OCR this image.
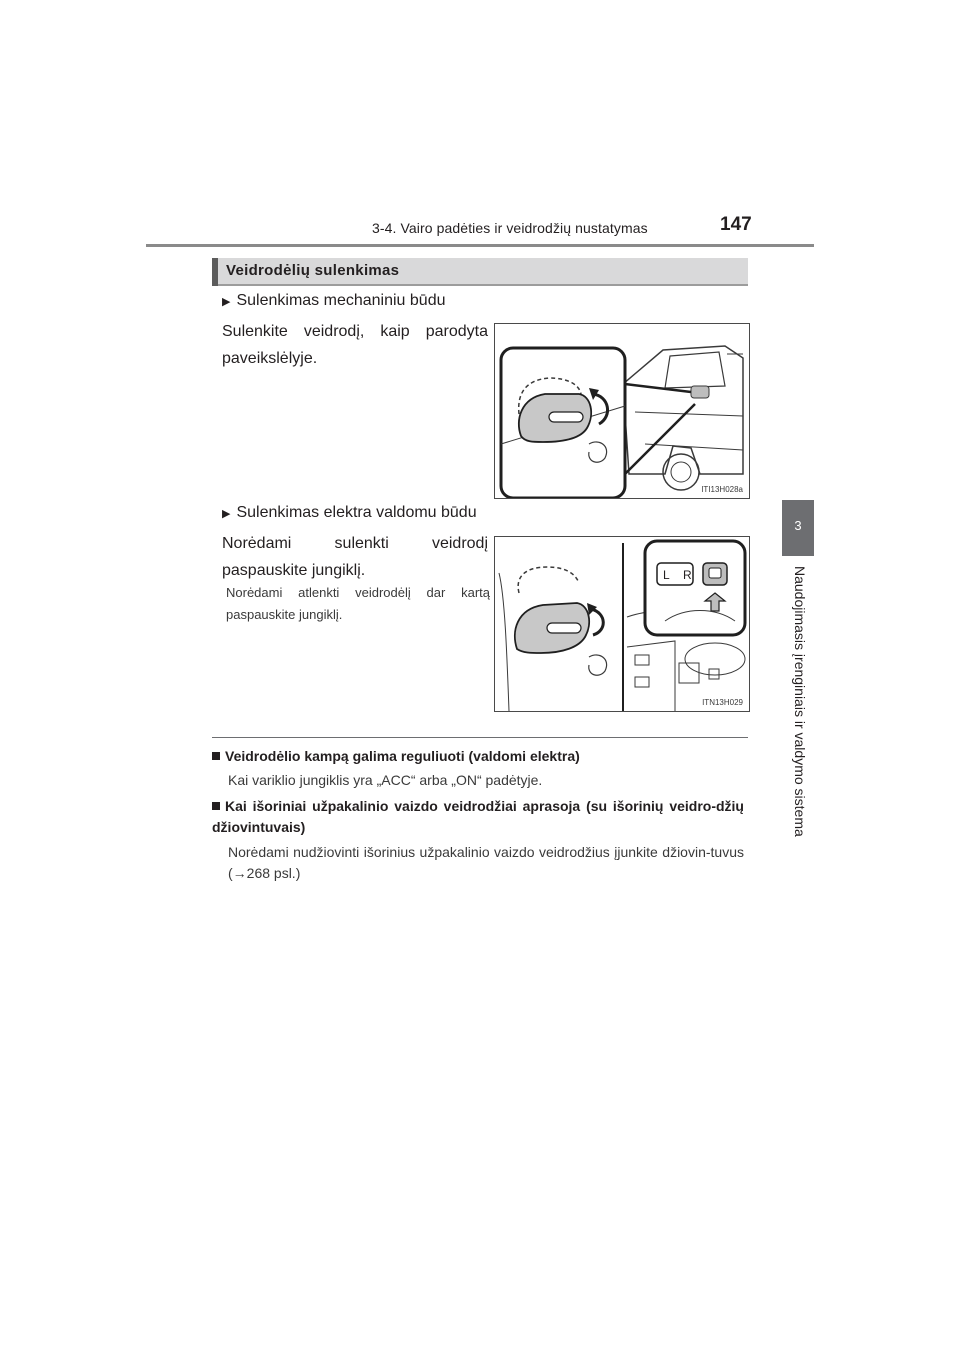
3-4. Vairo padėties ir veidrodžių nustatymas	147
3
Naudojimasis įrenginiais ir valdymo sistema
Veidrodėlių sulenkimas
▶ Sulenkimas mechaniniu būdu
Sulenkite veidrodį, kaip parodyta paveikslėlyje.
ITI13H028a
▶ Sulenkimas elektra valdomu būdu
Norėdami sulenkti veidrodį paspauskite jungiklį.
Norėdami atlenkti veidrodėlį dar kartą paspauskite jungiklį.
L R
ITN13H029
Veidrodėlio kampą galima reguliuoti (valdomi elektra)
Kai variklio jungiklis yra „ACC“ arba „ON“ padėtyje.
Kai išoriniai užpakalinio vaizdo veidrodžiai aprasoja (su išorinių veidro-džių džiovintuvais)
Norėdami nudžiovinti išorinius užpakalinio vaizdo veidrodžius įjunkite džiovin-tuvus (→268 psl.)
